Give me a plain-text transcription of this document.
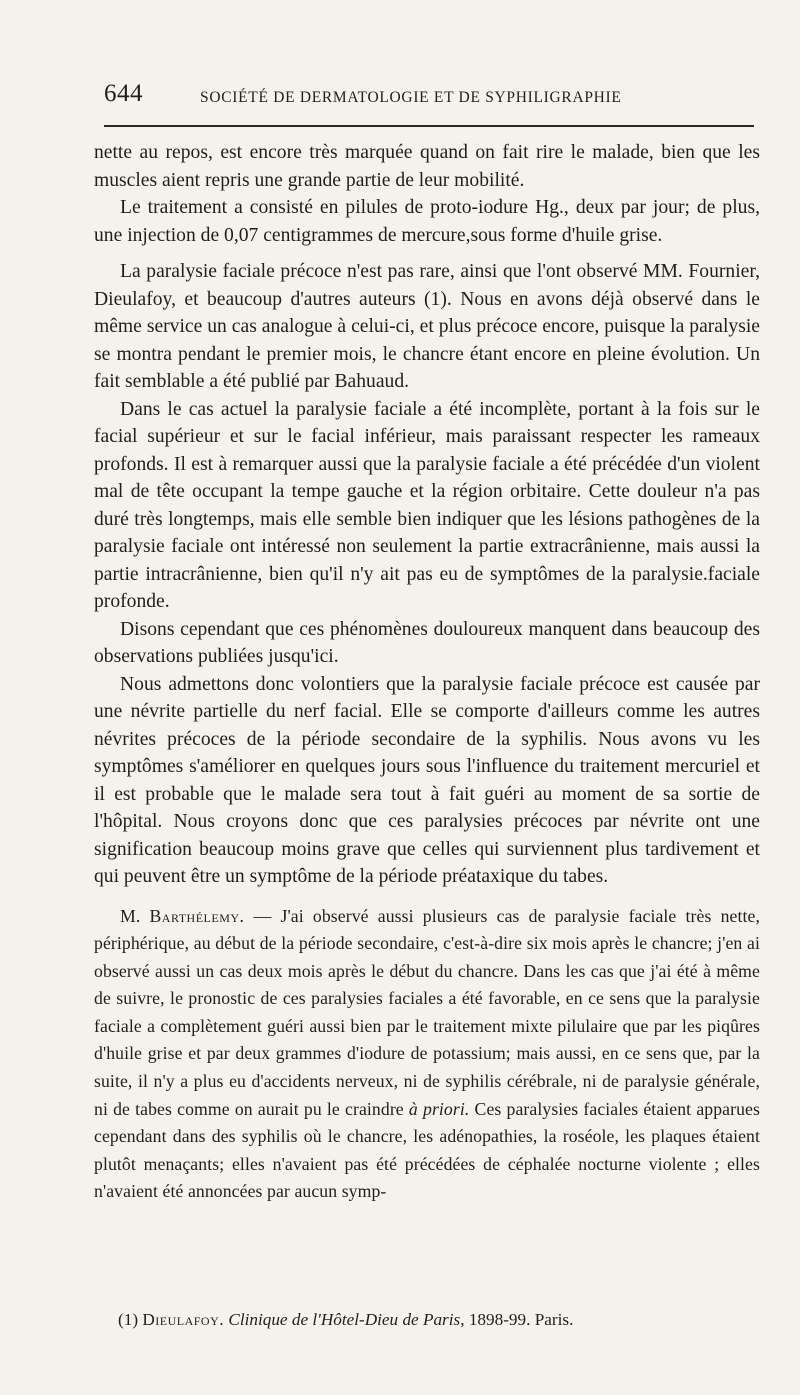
644	SOCIÉTÉ DE DERMATOLOGIE ET DE SYPHILIGRAPHIE

nette au repos, est encore très marquée quand on fait rire le malade, bien que les muscles aient repris une grande partie de leur mobilité.

Le traitement a consisté en pilules de proto-iodure Hg., deux par jour; de plus, une injection de 0,07 centigrammes de mercure,sous forme d'huile grise.

La paralysie faciale précoce n'est pas rare, ainsi que l'ont observé MM. Fournier, Dieulafoy, et beaucoup d'autres auteurs (1). Nous en avons déjà observé dans le même service un cas analogue à celui-ci, et plus précoce encore, puisque la paralysie se montra pendant le premier mois, le chancre étant encore en pleine évolution. Un fait semblable a été publié par Bahuaud.

Dans le cas actuel la paralysie faciale a été incomplète, portant à la fois sur le facial supérieur et sur le facial inférieur, mais paraissant respecter les rameaux profonds. Il est à remarquer aussi que la paralysie faciale a été précédée d'un violent mal de tête occupant la tempe gauche et la région orbitaire. Cette douleur n'a pas duré très longtemps, mais elle semble bien indiquer que les lésions pathogènes de la paralysie faciale ont intéressé non seulement la partie extracrânienne, mais aussi la partie intracrânienne, bien qu'il n'y ait pas eu de symptômes de la paralysie.faciale profonde.

Disons cependant que ces phénomènes douloureux manquent dans beaucoup des observations publiées jusqu'ici.

Nous admettons donc volontiers que la paralysie faciale précoce est causée par une névrite partielle du nerf facial. Elle se comporte d'ailleurs comme les autres névrites précoces de la période secondaire de la syphilis. Nous avons vu les symptômes s'améliorer en quelques jours sous l'influence du traitement mercuriel et il est probable que le malade sera tout à fait guéri au moment de sa sortie de l'hôpital. Nous croyons donc que ces paralysies précoces par névrite ont une signification beaucoup moins grave que celles qui surviennent plus tardivement et qui peuvent être un symptôme de la période préataxique du tabes.

M. Barthélemy. — J'ai observé aussi plusieurs cas de paralysie faciale très nette, périphérique, au début de la période secondaire, c'est-à-dire six mois après le chancre; j'en ai observé aussi un cas deux mois après le début du chancre. Dans les cas que j'ai été à même de suivre, le pronostic de ces paralysies faciales a été favorable, en ce sens que la paralysie faciale a complètement guéri aussi bien par le traitement mixte pilulaire que par les piqûres d'huile grise et par deux grammes d'iodure de potassium; mais aussi, en ce sens que, par la suite, il n'y a plus eu d'accidents nerveux, ni de syphilis cérébrale, ni de paralysie générale, ni de tabes comme on aurait pu le craindre à priori. Ces paralysies faciales étaient apparues cependant dans des syphilis où le chancre, les adénopathies, la roséole, les plaques étaient plutôt menaçants; elles n'avaient pas été précédées de céphalée nocturne violente ; elles n'avaient été annoncées par aucun symp-

(1) Dieulafoy. Clinique de l'Hôtel-Dieu de Paris, 1898-99. Paris.
